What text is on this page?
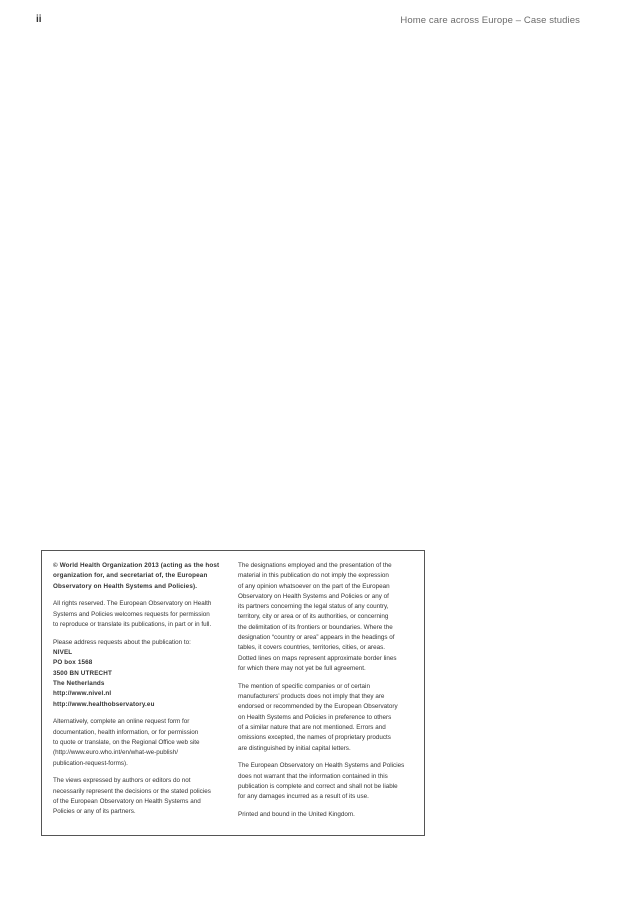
ii	Home care across Europe – Case studies

© World Health Organization 2013 (acting as the host
organization for, and secretariat of, the European
Observatory on Health Systems and Policies).

All rights reserved. The European Observatory on Health
Systems and Policies welcomes requests for permission
to reproduce or translate its publications, in part or in full.

Please address requests about the publication to:
NIVEL
PO box 1568
3500 BN UTRECHT
The Netherlands
http://www.nivel.nl
http://www.healthobservatory.eu

Alternatively, complete an online request form for
documentation, health information, or for permission
to quote or translate, on the Regional Office web site
(http://www.euro.who.int/en/what-we-publish/
publication-request-forms).

The views expressed by authors or editors do not
necessarily represent the decisions or the stated policies
of the European Observatory on Health Systems and
Policies or any of its partners.

The designations employed and the presentation of the
material in this publication do not imply the expression
of any opinion whatsoever on the part of the European
Observatory on Health Systems and Policies or any of
its partners concerning the legal status of any country,
territory, city or area or of its authorities, or concerning
the delimitation of its frontiers or boundaries. Where the
designation “country or area” appears in the headings of
tables, it covers countries, territories, cities, or areas.
Dotted lines on maps represent approximate border lines
for which there may not yet be full agreement.

The mention of specific companies or of certain
manufacturers’ products does not imply that they are
endorsed or recommended by the European Observatory
on Health Systems and Policies in preference to others
of a similar nature that are not mentioned. Errors and
omissions excepted, the names of proprietary products
are distinguished by initial capital letters.

The European Observatory on Health Systems and Policies
does not warrant that the information contained in this
publication is complete and correct and shall not be liable
for any damages incurred as a result of its use.

Printed and bound in the United Kingdom.
